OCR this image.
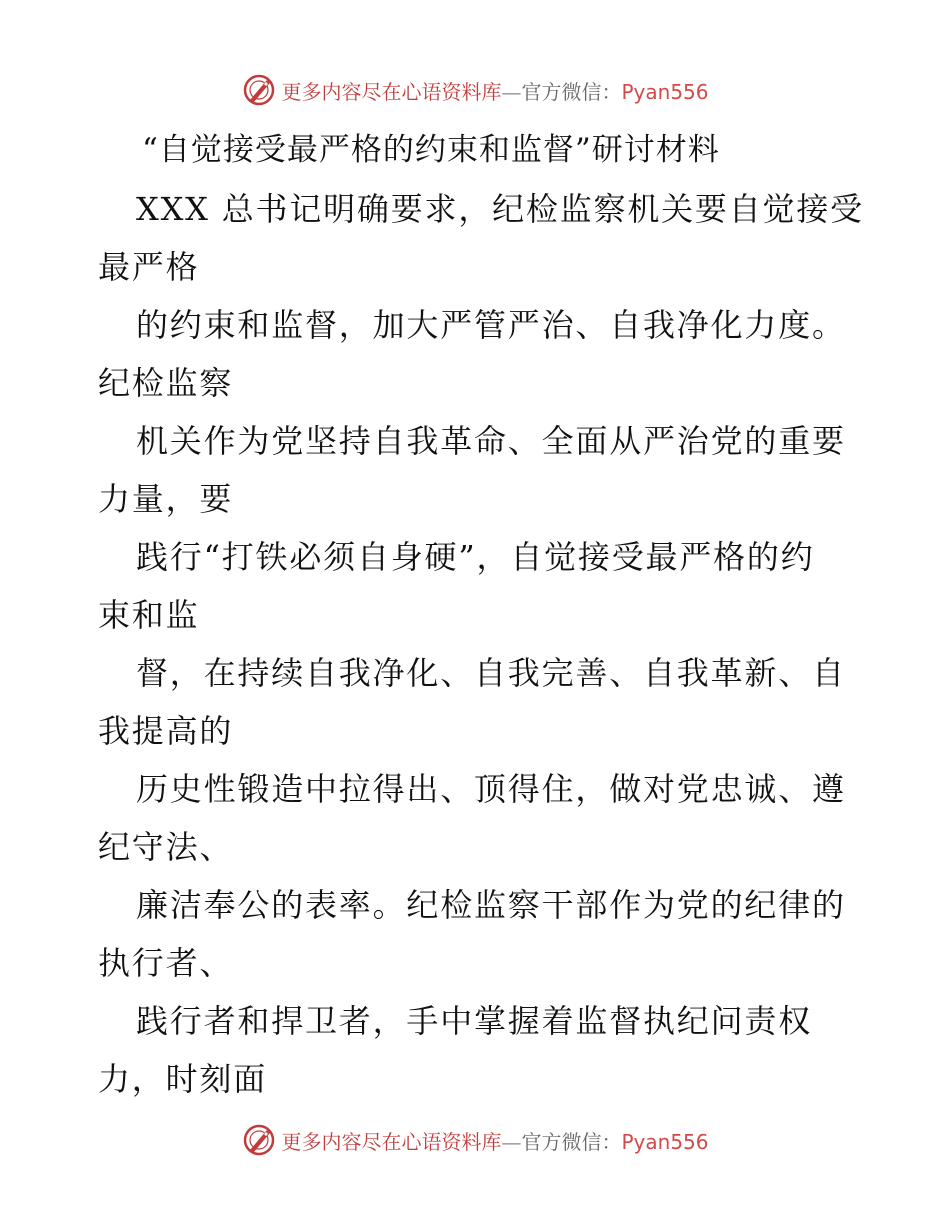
更多内容尽在心语资料库—官方微信：Pyan556
“自觉接受最严格的约束和监督”研讨材料
XXX 总书记明确要求，纪检监察机关要自觉接受
最严格
的约束和监督，加大严管严治、自我净化力度。
纪检监察
机关作为党坚持自我革命、全面从严治党的重要
力量，要
践行“打铁必须自身硬”，自觉接受最严格的约
束和监
督，在持续自我净化、自我完善、自我革新、自
我提高的
历史性锻造中拉得出、顶得住，做对党忠诚、遵
纪守法、
廉洁奉公的表率。纪检监察干部作为党的纪律的
执行者、
践行者和捍卫者，手中掌握着监督执纪问责权
力，时刻面
更多内容尽在心语资料库—官方微信：Pyan556
